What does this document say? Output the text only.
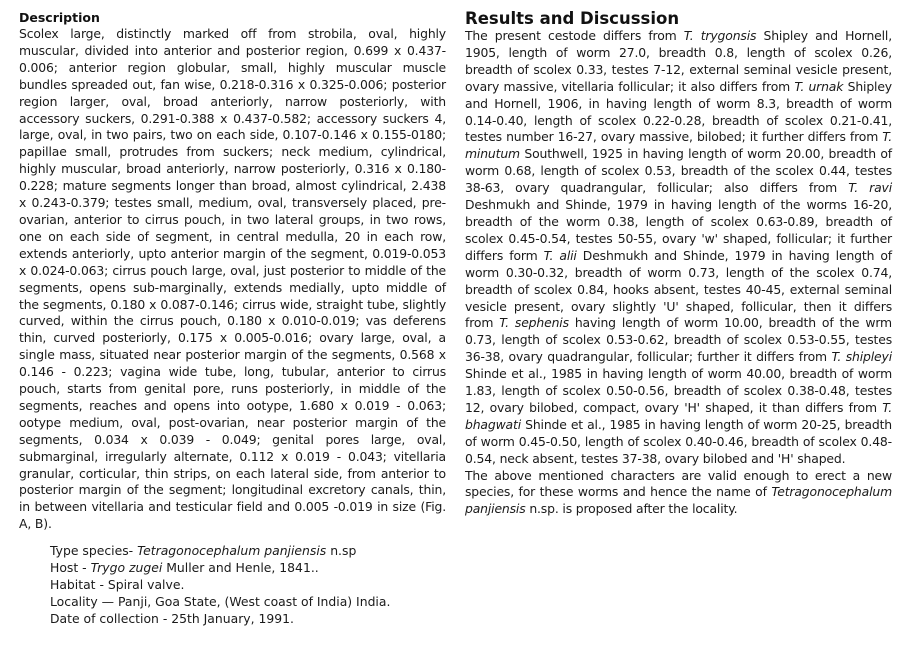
Description

Scolex large, distinctly marked off from strobila, oval, highly muscular, divided into anterior and posterior region, 0.699 x 0.437-0.006; anterior region globular, small, highly muscular muscle bundles spreaded out, fan wise, 0.218-0.316 x 0.325-0.006; posterior region larger, oval, broad anteriorly, narrow posteriorly, with accessory suckers, 0.291-0.388 x 0.437-0.582; accessory suckers 4, large, oval, in two pairs, two on each side, 0.107-0.146 x 0.155-0180; papillae small, protrudes from suckers; neck medium, cylindrical, highly muscular, broad anteriorly, narrow posteriorly, 0.316 x 0.180-0.228; mature segments longer than broad, almost cylindrical, 2.438 x 0.243-0.379; testes small, medium, oval, transversely placed, pre-ovarian, anterior to cirrus pouch, in two lateral groups, in two rows, one on each side of segment, in central medulla, 20 in each row, extends anteriorly, upto anterior margin of the segment, 0.019-0.053 x 0.024-0.063; cirrus pouch large, oval, just posterior to middle of the segments, opens sub-marginally, extends medially, upto middle of the segments, 0.180 x 0.087-0.146; cirrus wide, straight tube, slightly curved, within the cirrus pouch, 0.180 x 0.010-0.019; vas deferens thin, curved posteriorly, 0.175 x 0.005-0.016; ovary large, oval, a single mass, situated near posterior margin of the segments, 0.568 x 0.146 - 0.223; vagina wide tube, long, tubular, anterior to cirrus pouch, starts from genital pore, runs posteriorly, in middle of the segments, reaches and opens into ootype, 1.680 x 0.019 - 0.063; ootype medium, oval, post-ovarian, near posterior margin of the segments, 0.034 x 0.039 - 0.049; genital pores large, oval, submarginal, irregularly alternate, 0.112 x 0.019 - 0.043; vitellaria granular, corticular, thin strips, on each lateral side, from anterior to posterior margin of the segment; longitudinal excretory canals, thin, in between vitellaria and testicular field and 0.005 -0.019 in size (Fig. A, B).

Type species- Tetragonocephalum panjiensis n.sp
Host - Trygo zugei Muller and Henle, 1841..
Habitat - Spiral valve.
Locality — Panji, Goa State, (West coast of India) India.
Date of collection - 25th January, 1991.
Results and Discussion

The present cestode differs from T. trygonsis Shipley and Hornell, 1905, length of worm 27.0, breadth 0.8, length of scolex 0.26, breadth of scolex 0.33, testes 7-12, external seminal vesicle present, ovary massive, vitellaria follicular; it also differs from T. urnak Shipley and Hornell, 1906, in having length of worm 8.3, breadth of worm 0.14-0.40, length of scolex 0.22-0.28, breadth of scolex 0.21-0.41, testes number 16-27, ovary massive, bilobed; it further differs from T. minutum Southwell, 1925 in having length of worm 20.00, breadth of worm 0.68, length of scolex 0.53, breadth of the scolex 0.44, testes 38-63, ovary quadrangular, follicular; also differs from T. ravi Deshmukh and Shinde, 1979 in having length of the worms 16-20, breadth of the worm 0.38, length of scolex 0.63-0.89, breadth of scolex 0.45-0.54, testes 50-55, ovary 'w' shaped, follicular; it further differs form T. alii Deshmukh and Shinde, 1979 in having length of worm 0.30-0.32, breadth of worm 0.73, length of the scolex 0.74, breadth of scolex 0.84, hooks absent, testes 40-45, external seminal vesicle present, ovary slightly 'U' shaped, follicular, then it differs from T. sephenis having length of worm 10.00, breadth of the wrm 0.73, length of scolex 0.53-0.62, breadth of scolex 0.53-0.55, testes 36-38, ovary quadrangular, follicular; further it differs from T. shipleyi Shinde et al., 1985 in having length of worm 40.00, breadth of worm 1.83, length of scolex 0.50-0.56, breadth of scolex 0.38-0.48, testes 12, ovary bilobed, compact, ovary 'H' shaped, it than differs from T. bhagwati Shinde et al., 1985 in having length of worm 20-25, breadth of worm 0.45-0.50, length of scolex 0.40-0.46, breadth of scolex 0.48-0.54, neck absent, testes 37-38, ovary bilobed and 'H' shaped.

The above mentioned characters are valid enough to erect a new species, for these worms and hence the name of Tetragonocephalum panjiensis n.sp. is proposed after the locality.
